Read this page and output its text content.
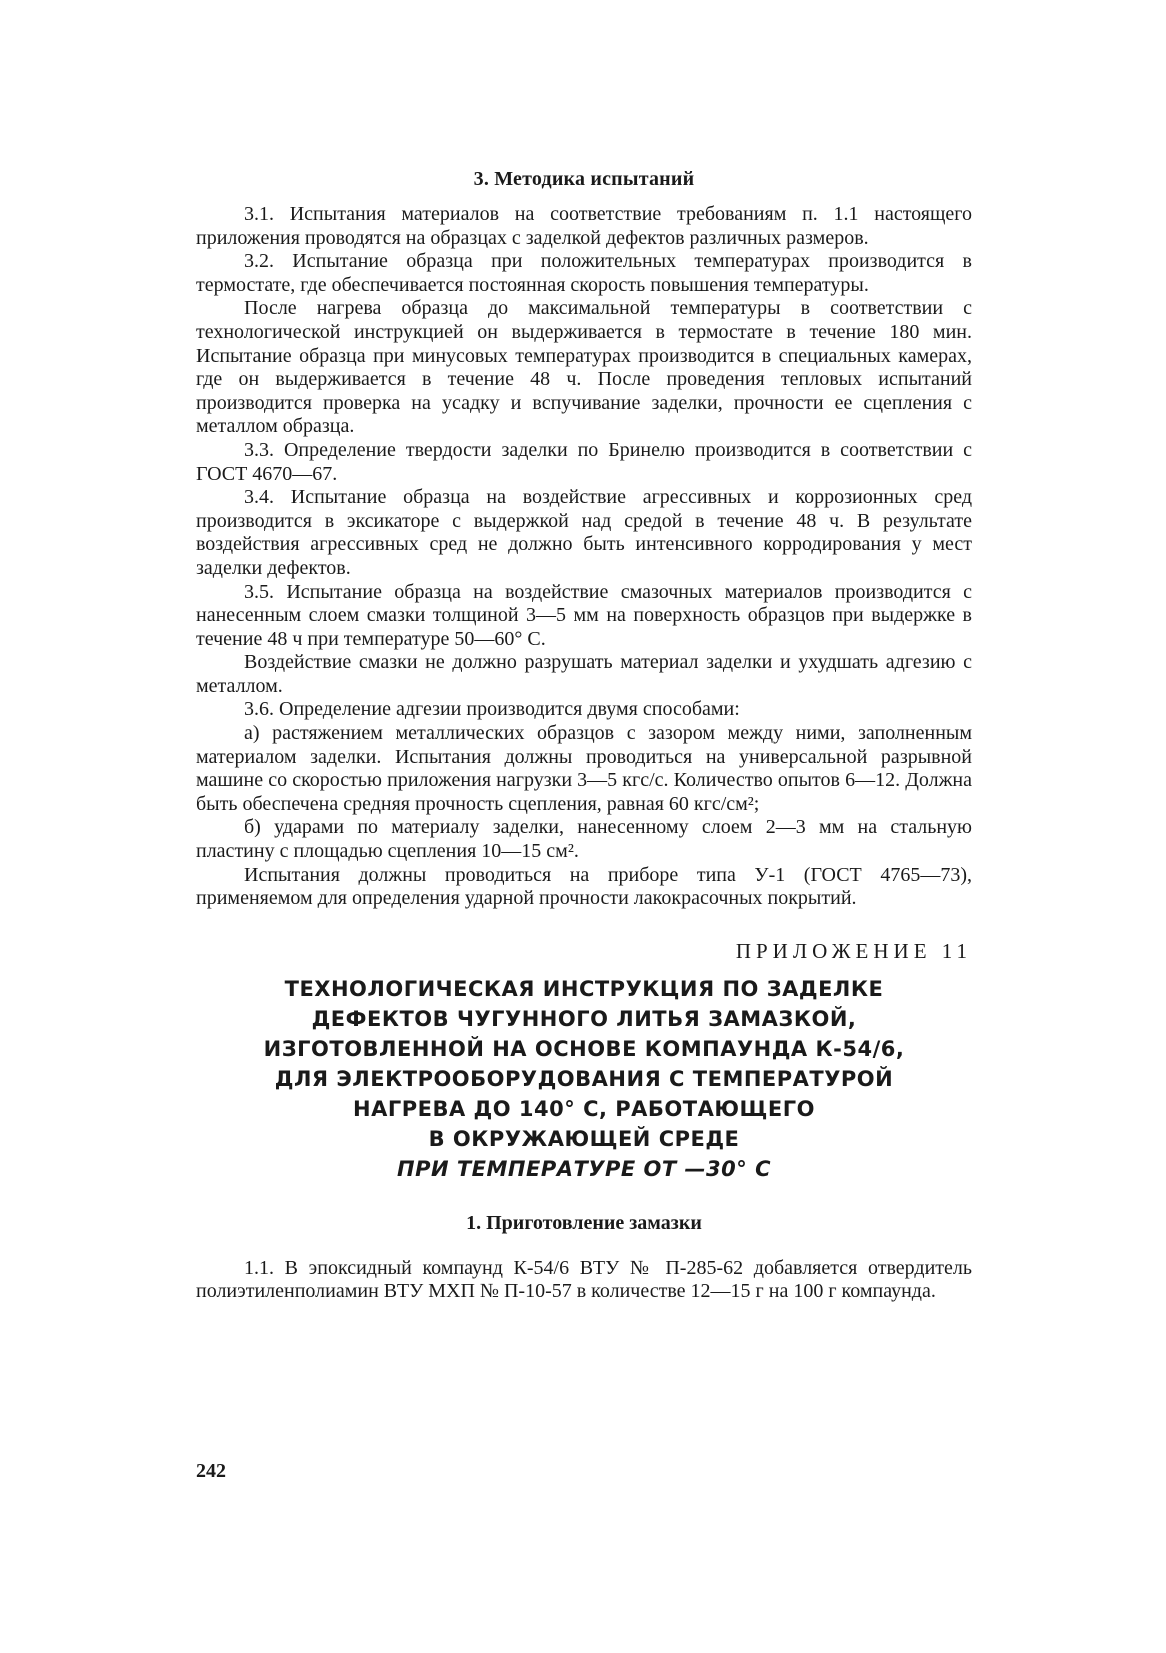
3. Методика испытаний

3.1. Испытания материалов на соответствие требованиям п. 1.1 настоящего приложения проводятся на образцах с заделкой дефектов различных размеров.

3.2. Испытание образца при положительных температурах производится в термостате, где обеспечивается постоянная скорость повышения температуры.

После нагрева образца до максимальной температуры в соответствии с технологической инструкцией он выдерживается в термостате в течение 180 мин. Испытание образца при минусовых температурах производится в специальных камерах, где он выдерживается в течение 48 ч. После проведения тепловых испытаний производится проверка на усадку и вспучивание заделки, прочности ее сцепления с металлом образца.

3.3. Определение твердости заделки по Бринелю производится в соответствии с ГОСТ 4670—67.

3.4. Испытание образца на воздействие агрессивных и коррозионных сред производится в эксикаторе с выдержкой над средой в течение 48 ч. В результате воздействия агрессивных сред не должно быть интенсивного корродирования у мест заделки дефектов.

3.5. Испытание образца на воздействие смазочных материалов производится с нанесенным слоем смазки толщиной 3—5 мм на поверхность образцов при выдержке в течение 48 ч при температуре 50—60° С.

Воздействие смазки не должно разрушать материал заделки и ухудшать адгезию с металлом.

3.6. Определение адгезии производится двумя способами:

а) растяжением металлических образцов с зазором между ними, заполненным материалом заделки. Испытания должны проводиться на универсальной разрывной машине со скоростью приложения нагрузки 3—5 кгс/с. Количество опытов 6—12. Должна быть обеспечена средняя прочность сцепления, равная 60 кгс/см²;

б) ударами по материалу заделки, нанесенному слоем 2—3 мм на стальную пластину с площадью сцепления 10—15 см².

Испытания должны проводиться на приборе типа У-1 (ГОСТ 4765—73), применяемом для определения ударной прочности лакокрасочных покрытий.

ПРИЛОЖЕНИЕ 11
ТЕХНОЛОГИЧЕСКАЯ ИНСТРУКЦИЯ ПО ЗАДЕЛКЕ
ДЕФЕКТОВ ЧУГУННОГО ЛИТЬЯ ЗАМАЗКОЙ,
ИЗГОТОВЛЕННОЙ НА ОСНОВЕ КОМПАУНДА К-54/6,
ДЛЯ ЭЛЕКТРООБОРУДОВАНИЯ С ТЕМПЕРАТУРОЙ
НАГРЕВА ДО 140° С, РАБОТАЮЩЕГО
В ОКРУЖАЮЩЕЙ СРЕДЕ
ПРИ ТЕМПЕРАТУРЕ ОТ —30° С
1. Приготовление замазки

1.1. В эпоксидный компаунд К-54/6 ВТУ № П-285-62 добавляется отвердитель полиэтиленполиамин ВТУ МХП № П-10-57 в количестве 12—15 г на 100 г компаунда.

242
